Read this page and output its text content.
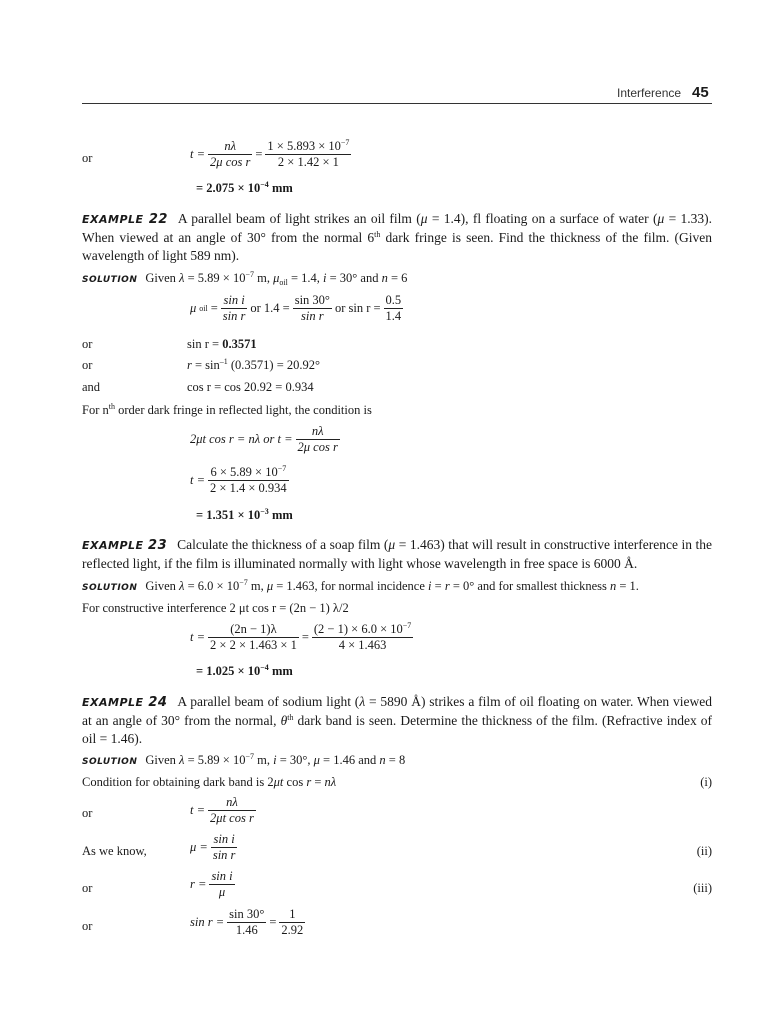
Interference 45
or	$t = \frac{n\lambda}{\text{2μ cos r}} = \frac{1 \times 5.893 \times 10^{-7}}{2 \times 1.42 \times 1}$
= $2.075 \times 10^{-4}$ mm
EXAMPLE 22 A parallel beam of light strikes an oil film (μ = 1.4), fl floating on a surface of water (μ = 1.33). When viewed at an angle of 30° from the normal 6th dark fringe is seen. Find the thickness of the film. (Given wavelength of light 589 nm).
SOLUTION Given $\lambda = 5.89 \times 10^{-7}$ m, $\mu_{oil} = 1.4$, i = 30° and n = 6
μ oil = $\frac{\text{sin i}}{\text{sin r}}$ or $1.4 = \frac{\sin 30^\circ}{\text{sin r}}$ or $\sin r = \frac{0.5}{1.4}$
or	sin r = 0.3571
or	$r = \sin^{-1} (0.3571) = 20.92^\circ$
and	cos r = cos 20.92 = 0.934
For $n^{th}$ order dark fringe in reflected light, the condition is
2μt cos r = nλ or $t = \frac{n\lambda}{\text{2μ cos r}}$
$t = \frac{6 \times 5.89 \times 10^{-7}}{2 \times 1.4 \times 0.934}$
= $1.351 \times 10^{-3}$ mm
EXAMPLE 23 Calculate the thickness of a soap film (μ = 1.463) that will result in constructive interference in the reflected light, if the film is illuminated normally with light whose wavelength in free space is 6000 Å.
SOLUTION Given $\lambda = 6.0 \times 10^{-7}$ m, μ = 1.463, for normal incidence i = r = 0° and for smallest thickness n = 1.
For constructive interference 2 μt cos r = (2n − 1) λ/2
$t = \frac{(2n - 1)\lambda}{2 \times 2 \times 1.463 \times 1} = \frac{(2 - 1) \times 6.0 \times 10^{-7}}{4 \times 1.463}$
= $1.025 \times 10^{-4}$ mm
EXAMPLE 24 A parallel beam of sodium light (λ = 5890 Å) strikes a film of oil floating on water. When viewed at an angle of 30° from the normal, $\theta^{th}$ dark band is seen. Determine the thickness of the film. (Refractive index of oil = 1.46).
SOLUTION Given $\lambda = 5.89 \times 10^{-7}$ m, i = 30°, μ = 1.46 and n = 8
Condition for obtaining dark band is 2μt cos r = nλ	(i)
or	$t = \frac{n\lambda}{\text{2μt cos r}}$
As we know,	$\mu = \frac{\text{sin i}}{\text{sin r}}$	(ii)
or	$r = \frac{\text{sin i}}{\mu}$	(iii)
or	$\sin r = \frac{\sin 30^\circ}{1.46} = \frac{1}{2.92}$
